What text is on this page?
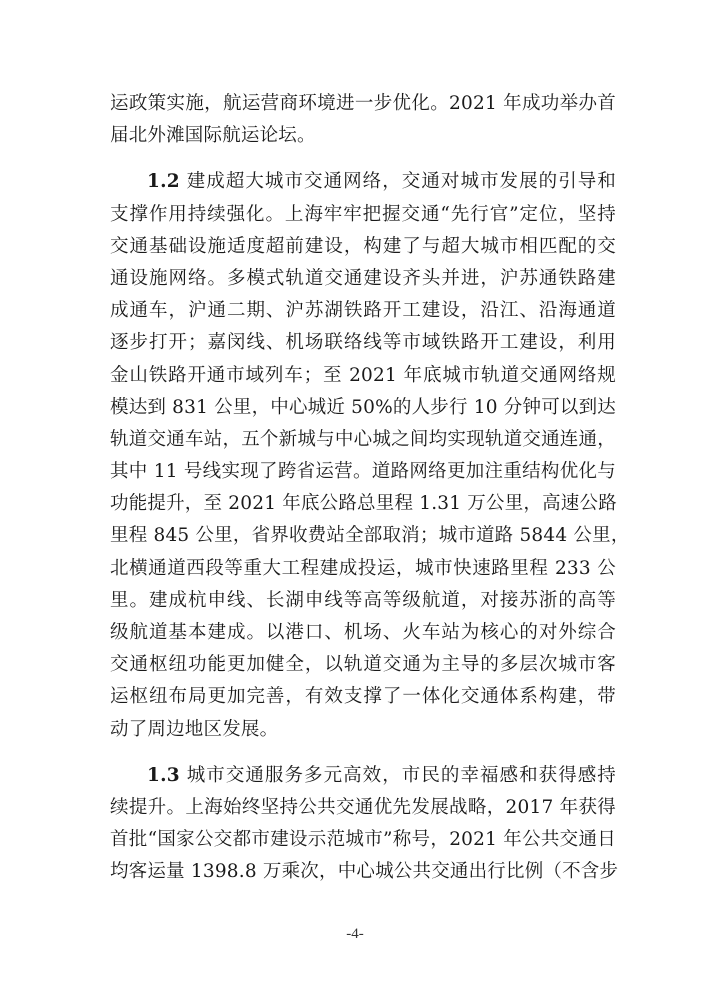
运政策实施，航运营商环境进一步优化。2021 年成功举办首
届北外滩国际航运论坛。
1.2 建成超大城市交通网络，交通对城市发展的引导和
支撑作用持续强化。上海牢牢把握交通“先行官”定位，坚持
交通基础设施适度超前建设，构建了与超大城市相匹配的交
通设施网络。多模式轨道交通建设齐头并进，沪苏通铁路建
成通车，沪通二期、沪苏湖铁路开工建设，沿江、沿海通道
逐步打开；嘉闵线、机场联络线等市域铁路开工建设，利用
金山铁路开通市域列车；至 2021 年底城市轨道交通网络规
模达到 831 公里，中心城近 50%的人步行 10 分钟可以到达
轨道交通车站，五个新城与中心城之间均实现轨道交通连通，
其中 11 号线实现了跨省运营。道路网络更加注重结构优化与
功能提升，至 2021 年底公路总里程 1.31 万公里，高速公路
里程 845 公里，省界收费站全部取消；城市道路 5844 公里，
北横通道西段等重大工程建成投运，城市快速路里程 233 公
里。建成杭申线、长湖申线等高等级航道，对接苏浙的高等
级航道基本建成。以港口、机场、火车站为核心的对外综合
交通枢纽功能更加健全，以轨道交通为主导的多层次城市客
运枢纽布局更加完善，有效支撑了一体化交通体系构建，带
动了周边地区发展。
1.3 城市交通服务多元高效，市民的幸福感和获得感持
续提升。上海始终坚持公共交通优先发展战略，2017 年获得
首批“国家公交都市建设示范城市”称号，2021 年公共交通日
均客运量 1398.8 万乘次，中心城公共交通出行比例（不含步
-4-
